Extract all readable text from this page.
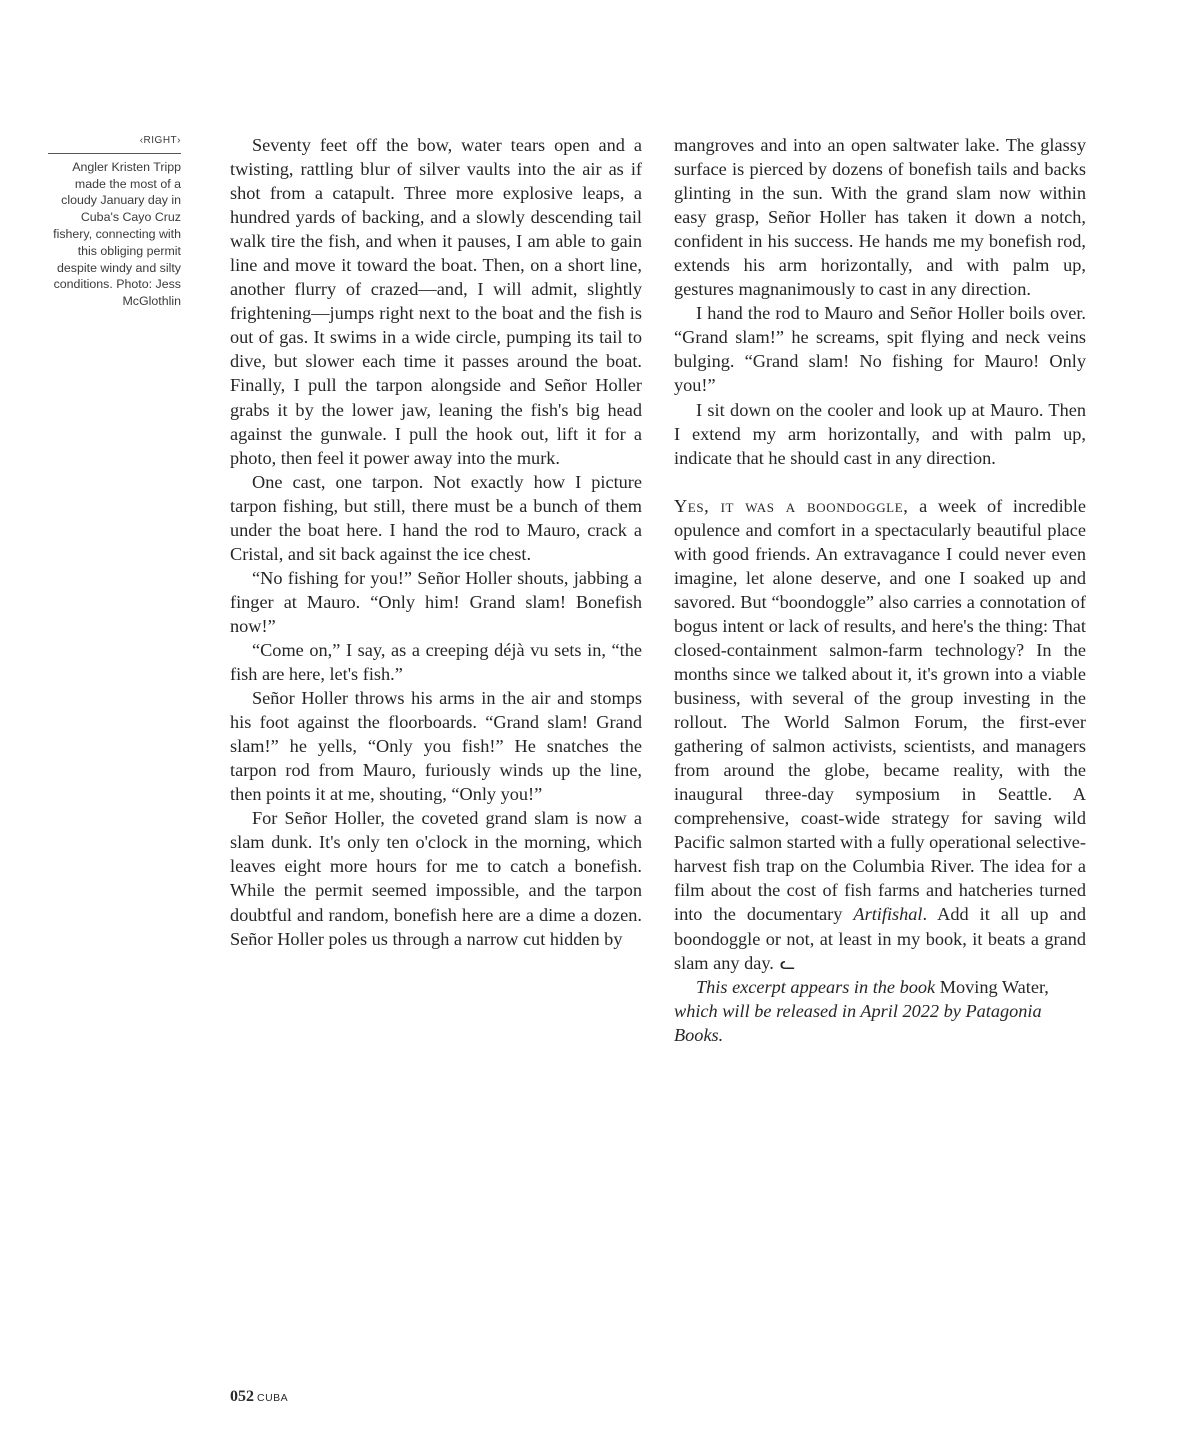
‹RIGHT›
Angler Kristen Tripp made the most of a cloudy January day in Cuba's Cayo Cruz fishery, connecting with this obliging permit despite windy and silty conditions. Photo: Jess McGlothlin

Seventy feet off the bow, water tears open and a twisting, rattling blur of silver vaults into the air as if shot from a catapult. Three more explosive leaps, a hundred yards of backing, and a slowly descending tail walk tire the fish, and when it pauses, I am able to gain line and move it toward the boat. Then, on a short line, another flurry of crazed—and, I will admit, slightly frightening—jumps right next to the boat and the fish is out of gas. It swims in a wide circle, pumping its tail to dive, but slower each time it passes around the boat. Finally, I pull the tarpon alongside and Señor Holler grabs it by the lower jaw, leaning the fish's big head against the gunwale. I pull the hook out, lift it for a photo, then feel it power away into the murk.

One cast, one tarpon. Not exactly how I picture tarpon fishing, but still, there must be a bunch of them under the boat here. I hand the rod to Mauro, crack a Cristal, and sit back against the ice chest.

“No fishing for you!” Señor Holler shouts, jabbing a finger at Mauro. “Only him! Grand slam! Bonefish now!”

“Come on,” I say, as a creeping déjà vu sets in, “the fish are here, let's fish.”

Señor Holler throws his arms in the air and stomps his foot against the floorboards. “Grand slam! Grand slam!” he yells, “Only you fish!” He snatches the tarpon rod from Mauro, furiously winds up the line, then points it at me, shouting, “Only you!”

For Señor Holler, the coveted grand slam is now a slam dunk. It's only ten o'clock in the morning, which leaves eight more hours for me to catch a bonefish. While the permit seemed impossible, and the tarpon doubtful and random, bonefish here are a dime a dozen. Señor Holler poles us through a narrow cut hidden by

mangroves and into an open saltwater lake. The glassy surface is pierced by dozens of bonefish tails and backs glinting in the sun. With the grand slam now within easy grasp, Señor Holler has taken it down a notch, confident in his success. He hands me my bonefish rod, extends his arm horizontally, and with palm up, gestures magnanimously to cast in any direction.

I hand the rod to Mauro and Señor Holler boils over. “Grand slam!” he screams, spit flying and neck veins bulging. “Grand slam! No fishing for Mauro! Only you!”

I sit down on the cooler and look up at Mauro. Then I extend my arm horizontally, and with palm up, indicate that he should cast in any direction.

Yes, it was a boondoggle, a week of incredible opulence and comfort in a spectacularly beautiful place with good friends. An extravagance I could never even imagine, let alone deserve, and one I soaked up and savored. But “boondoggle” also carries a connotation of bogus intent or lack of results, and here's the thing: That closed-containment salmon-farm technology? In the months since we talked about it, it's grown into a viable business, with several of the group investing in the rollout. The World Salmon Forum, the first-ever gathering of salmon activists, scientists, and managers from around the globe, became reality, with the inaugural three-day symposium in Seattle. A comprehensive, coast-wide strategy for saving wild Pacific salmon started with a fully operational selective-harvest fish trap on the Columbia River. The idea for a film about the cost of fish farms and hatcheries turned into the documentary Artifishal. Add it all up and boondoggle or not, at least in my book, it beats a grand slam any day. ᓚ

This excerpt appears in the book Moving Water, which will be released in April 2022 by Patagonia Books.

052 CUBA
